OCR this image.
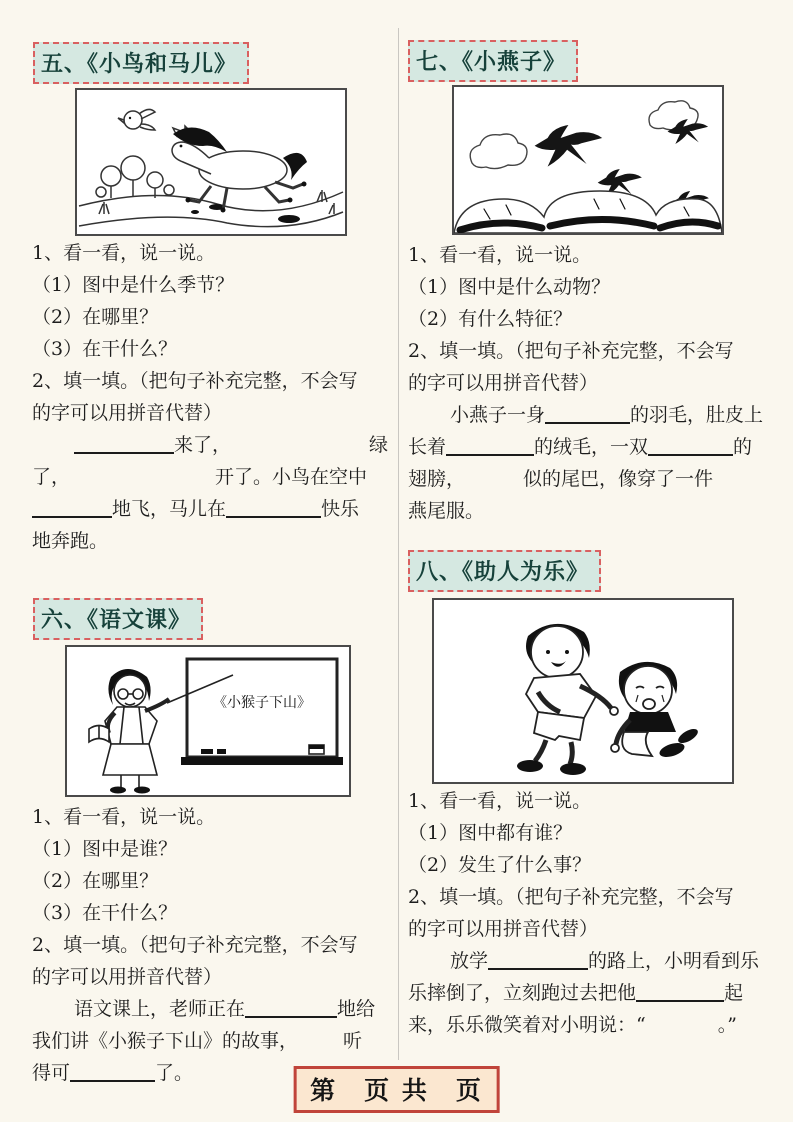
五、《小鸟和马儿》
1、看一看，说一说。
（1）图中是什么季节？
（2）在哪里？
（3）在干什么？
2、填一填。（把句子补充完整，不会写
的字可以用拼音代替）
来了，	绿
了，	开了。小鸟在空中
地飞，马儿在	快乐
地奔跑。
六、《语文课》
《小猴子下山》
1、看一看，说一说。
（1）图中是谁？
（2）在哪里？
（3）在干什么？
2、填一填。（把句子补充完整，不会写
的字可以用拼音代替）
语文课上，老师正在	地给
我们讲《小猴子下山》的故事， 听
得可	了。
七、《小燕子》
1、看一看，说一说。
（1）图中是什么动物？
（2）有什么特征？
2、填一填。（把句子补充完整，不会写
的字可以用拼音代替）
小燕子一身	的羽毛，肚皮上
长着	的绒毛，一双	的
翅膀，	似的尾巴，像穿了一件
燕尾服。
八、《助人为乐》
1、看一看，说一说。
（1）图中都有谁？
（2）发生了什么事？
2、填一填。（把句子补充完整，不会写
的字可以用拼音代替）
放学	的路上，小明看到乐
乐摔倒了，立刻跑过去把他	起
来，乐乐微笑着对小明说：“	。”
第　页 共　页
